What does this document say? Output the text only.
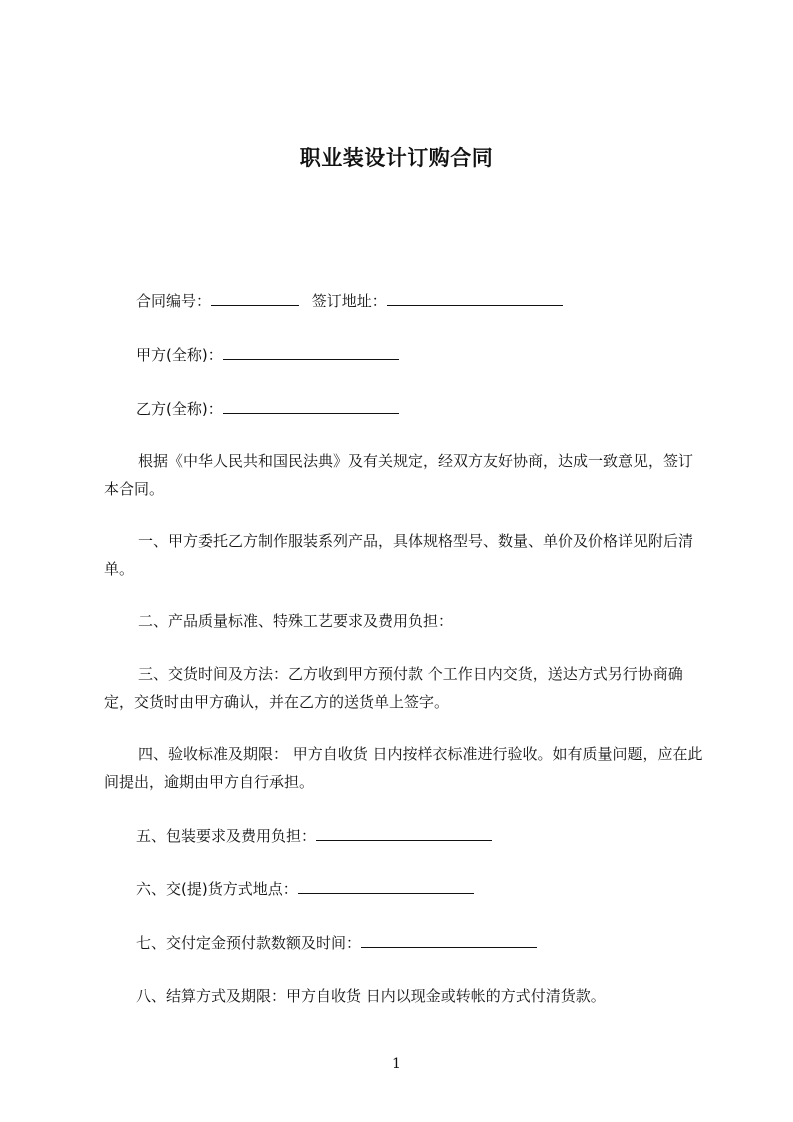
职业装设计订购合同
合同编号：	签订地址：
甲方(全称)：
乙方(全称)：
根据《中华人民共和国民法典》及有关规定，经双方友好协商，达成一致意见，签订本合同。
一、甲方委托乙方制作服装系列产品，具体规格型号、数量、单价及价格详见附后清单。
二、产品质量标准、特殊工艺要求及费用负担：
三、交货时间及方法：乙方收到甲方预付款 个工作日内交货，送达方式另行协商确定，交货时由甲方确认，并在乙方的送货单上签字。
四、验收标准及期限： 甲方自收货 日内按样衣标准进行验收。如有质量问题，应在此间提出，逾期由甲方自行承担。
五、包装要求及费用负担：
六、交(提)货方式地点：
七、交付定金预付款数额及时间：
八、结算方式及期限：甲方自收货 日内以现金或转帐的方式付清货款。
1
